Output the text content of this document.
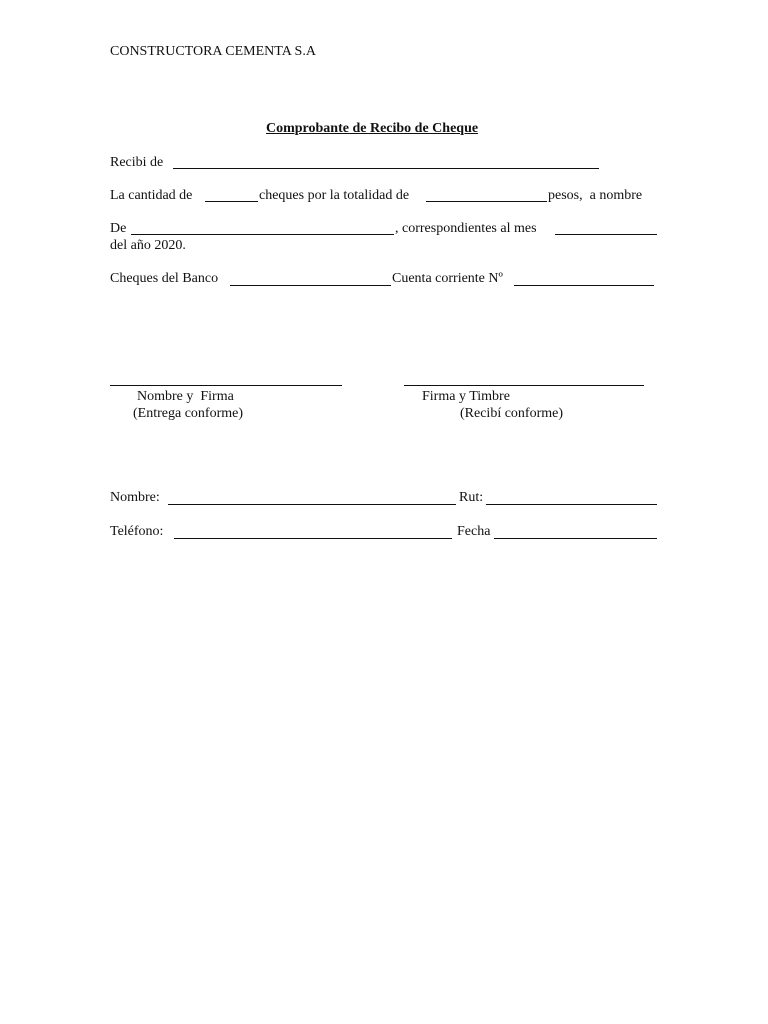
CONSTRUCTORA CEMENTA S.A
Comprobante de Recibo de Cheque
Recibi de
La cantidad de	cheques por la totalidad de	pesos,  a nombre
De	, correspondientes al mes
del año 2020.
Cheques del Banco	Cuenta corriente Nº
Nombre y  Firma
(Entrega conforme)
Firma y Timbre
(Recibí conforme)
Nombre:	Rut:
Teléfono:	Fecha
